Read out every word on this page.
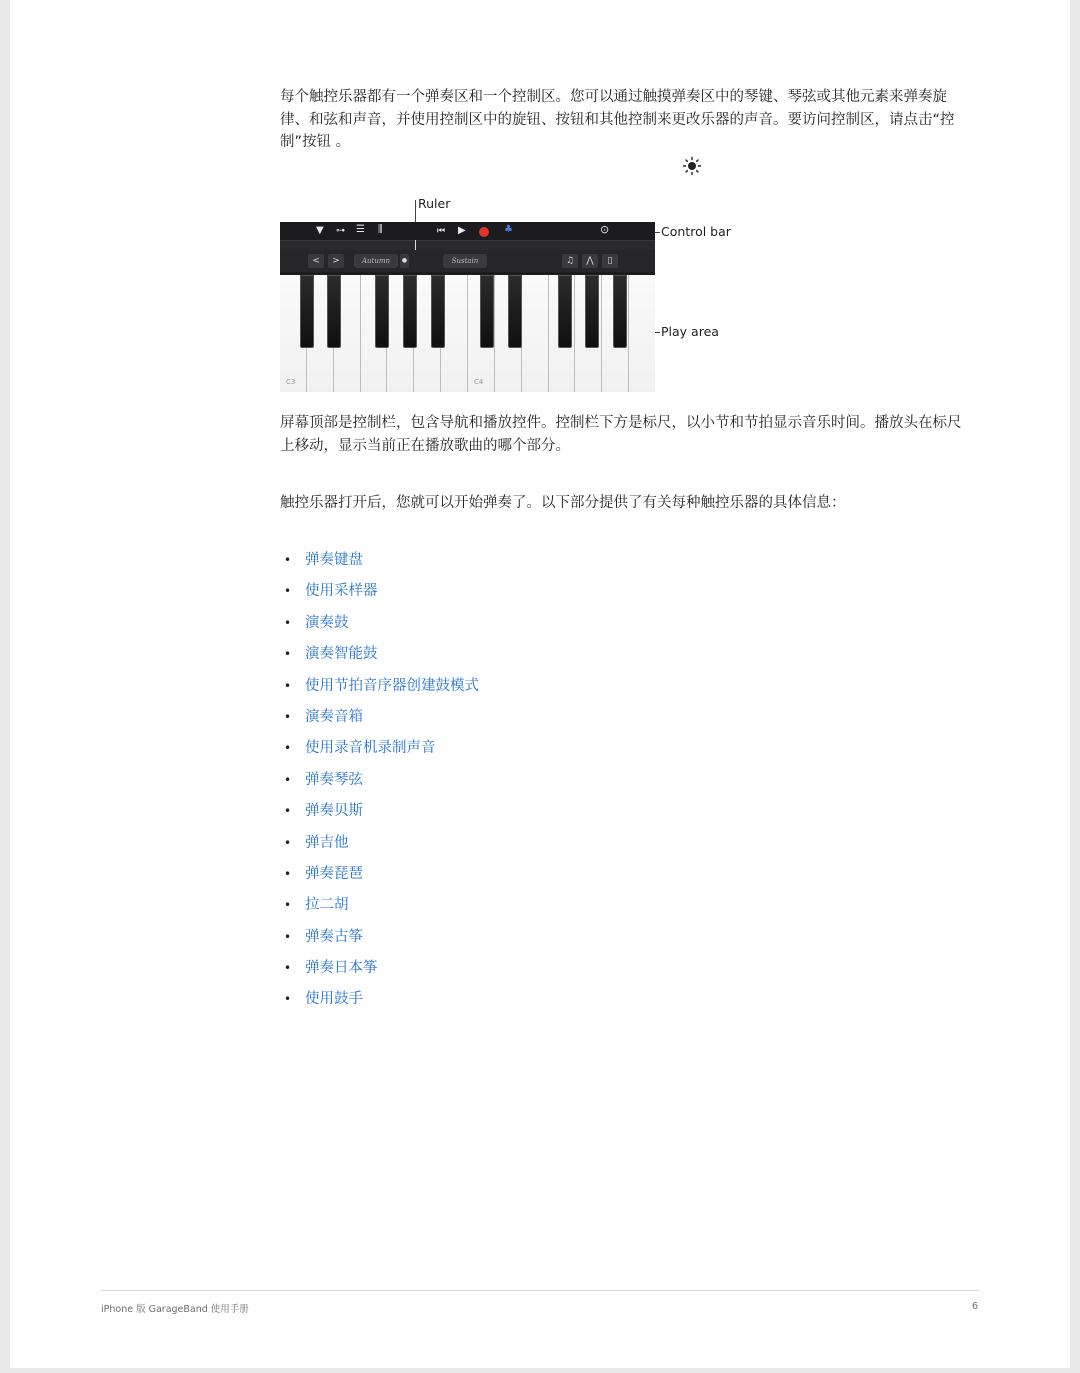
每个触控乐器都有一个弹奏区和一个控制区。您可以通过触摸弹奏区中的琴键、琴弦或其他元素来弹奏旋律、和弦和声音，并使用控制区中的旋钮、按钮和其他控制来更改乐器的声音。要访问控制区，请点击“控制”按钮 。

Ruler
Control bar
Play area
▼ ⊶ ☰ ⫼	⏮ ▶	♣	⊙
<	>	Autumn	●	Sustain	♫	⋀	▯
C3	C4

屏幕顶部是控制栏，包含导航和播放控件。控制栏下方是标尺，以小节和节拍显示音乐时间。播放头在标尺上移动，显示当前正在播放歌曲的哪个部分。

触控乐器打开后，您就可以开始弹奏了。以下部分提供了有关每种触控乐器的具体信息：

• 弹奏键盘
• 使用采样器
• 演奏鼓
• 演奏智能鼓
• 使用节拍音序器创建鼓模式
• 演奏音箱
• 使用录音机录制声音
• 弹奏琴弦
• 弹奏贝斯
• 弹吉他
• 弹奏琵琶
• 拉二胡
• 弹奏古筝
• 弹奏日本筝
• 使用鼓手
iPhone 版 GarageBand 使用手册	6
